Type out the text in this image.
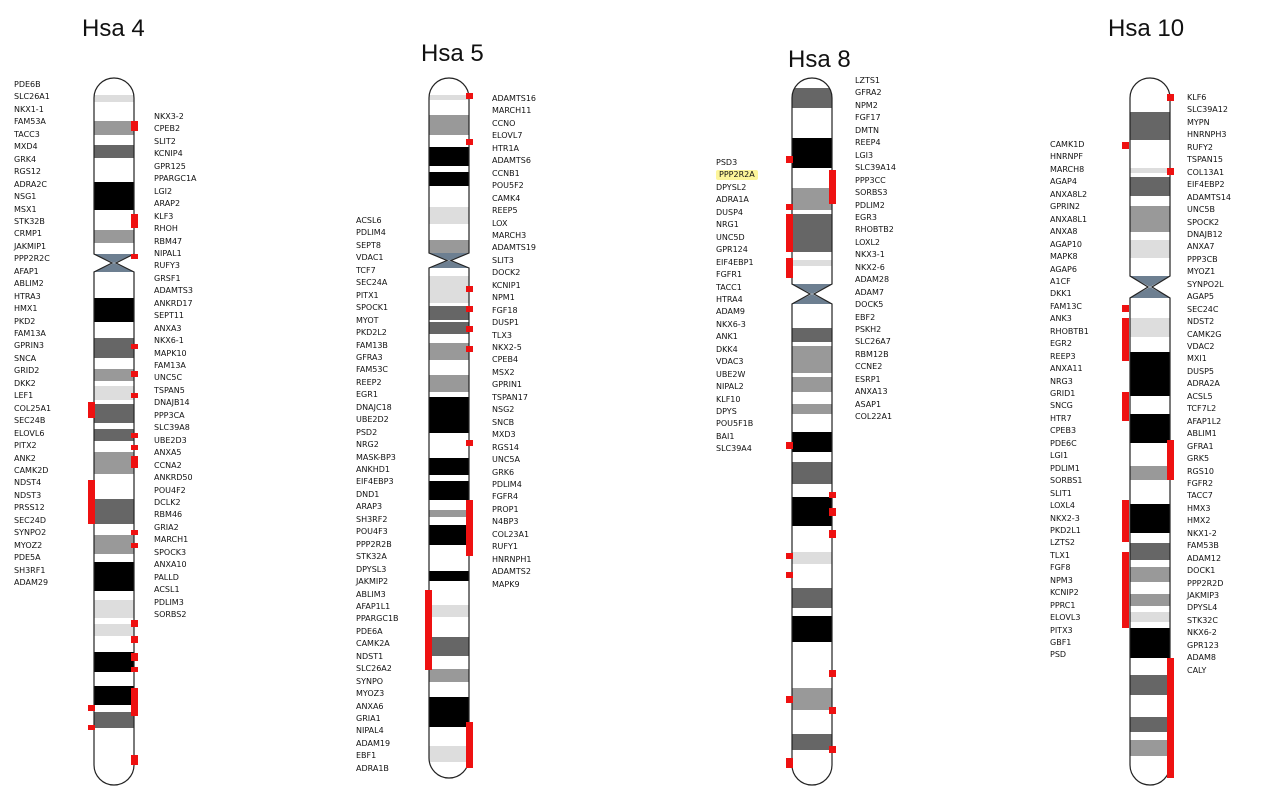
Hsa 4
Hsa 5	Hsa 8
Hsa 10
PDE6B
SLC26A1
NKX1-1
FAM53A
TACC3
MXD4
GRK4
RGS12
ADRA2C
NSG1
MSX1
STK32B
CRMP1
JAKMIP1
PPP2R2C
AFAP1
ABLIM2
HTRA3
HMX1
PKD2
FAM13A
GPRIN3
SNCA
GRID2
DKK2
LEF1
COL25A1
SEC24B
ELOVL6
PITX2
ANK2
CAMK2D
NDST4
NDST3
PRSS12
SEC24D
SYNPO2
MYOZ2
PDE5A
SH3RF1
ADAM29
NKX3-2
CPEB2
SLIT2
KCNIP4
GPR125
PPARGC1A
LGI2
ARAP2
KLF3
RHOH
RBM47
NIPAL1
RUFY3
GRSF1
ADAMTS3
ANKRD17
SEPT11
ANXA3
NKX6-1
MAPK10
FAM13A
UNC5C
TSPAN5
DNAJB14
PPP3CA
SLC39A8
UBE2D3
ANXA5
CCNA2
ANKRD50
POU4F2
DCLK2
RBM46
GRIA2
MARCH1
SPOCK3
ANXA10
PALLD
ACSL1
PDLIM3
SORBS2
ACSL6
PDLIM4
SEPT8
VDAC1
TCF7
SEC24A
PITX1
SPOCK1
MYOT
PKD2L2
FAM13B
GFRA3
FAM53C
REEP2
EGR1
DNAJC18
UBE2D2
PSD2
NRG2
MASK-BP3
ANKHD1
EIF4EBP3
DND1
ARAP3
SH3RF2
POU4F3
PPP2R2B
STK32A
DPYSL3
JAKMIP2
ABLIM3
AFAP1L1
PPARGC1B
PDE6A
CAMK2A
NDST1
SLC26A2
SYNPO
MYOZ3
ANXA6
GRIA1
NIPAL4
ADAM19
EBF1
ADRA1B
ADAMTS16
MARCH11
CCNO
ELOVL7
HTR1A
ADAMTS6
CCNB1
POU5F2
CAMK4
REEP5
LOX
MARCH3
ADAMTS19
SLIT3
DOCK2
KCNIP1
NPM1
FGF18
DUSP1
TLX3
NKX2-5
CPEB4
MSX2
GPRIN1
TSPAN17
NSG2
SNCB
MXD3
RGS14
UNC5A
GRK6
PDLIM4
FGFR4
PROP1
N4BP3
COL23A1
RUFY1
HNRNPH1
ADAMTS2
MAPK9
PSD3
PPP2R2A
DPYSL2
ADRA1A
DUSP4
NRG1
UNC5D
GPR124
EIF4EBP1
FGFR1
TACC1
HTRA4
ADAM9
NKX6-3
ANK1
DKK4
VDAC3
UBE2W
NIPAL2
KLF10
DPYS
POU5F1B
BAI1
SLC39A4
LZTS1
GFRA2
NPM2
FGF17
DMTN
REEP4
LGI3
SLC39A14
PPP3CC
SORBS3
PDLIM2
EGR3
RHOBTB2
LOXL2
NKX3-1
NKX2-6
ADAM28
ADAM7
DOCK5
EBF2
PSKH2
SLC26A7
RBM12B
CCNE2
ESRP1
ANXA13
ASAP1
COL22A1
CAMK1D
HNRNPF
MARCH8
AGAP4
ANXA8L2
GPRIN2
ANXA8L1
ANXA8
AGAP10
MAPK8
AGAP6
A1CF
DKK1
FAM13C
ANK3
RHOBTB1
EGR2
REEP3
ANXA11
NRG3
GRID1
SNCG
HTR7
CPEB3
PDE6C
LGI1
PDLIM1
SORBS1
SLIT1
LOXL4
NKX2-3
PKD2L1
LZTS2
TLX1
FGF8
NPM3
KCNIP2
PPRC1
ELOVL3
PITX3
GBF1
PSD
KLF6
SLC39A12
MYPN
HNRNPH3
RUFY2
TSPAN15
COL13A1
EIF4EBP2
ADAMTS14
UNC5B
SPOCK2
DNAJB12
ANXA7
PPP3CB
MYOZ1
SYNPO2L
AGAP5
SEC24C
NDST2
CAMK2G
VDAC2
MXI1
DUSP5
ADRA2A
ACSL5
TCF7L2
AFAP1L2
ABLIM1
GFRA1
GRK5
RGS10
FGFR2
TACC7
HMX3
HMX2
NKX1-2
FAM53B
ADAM12
DOCK1
PPP2R2D
JAKMIP3
DPYSL4
STK32C
NKX6-2
GPR123
ADAM8
CALY
